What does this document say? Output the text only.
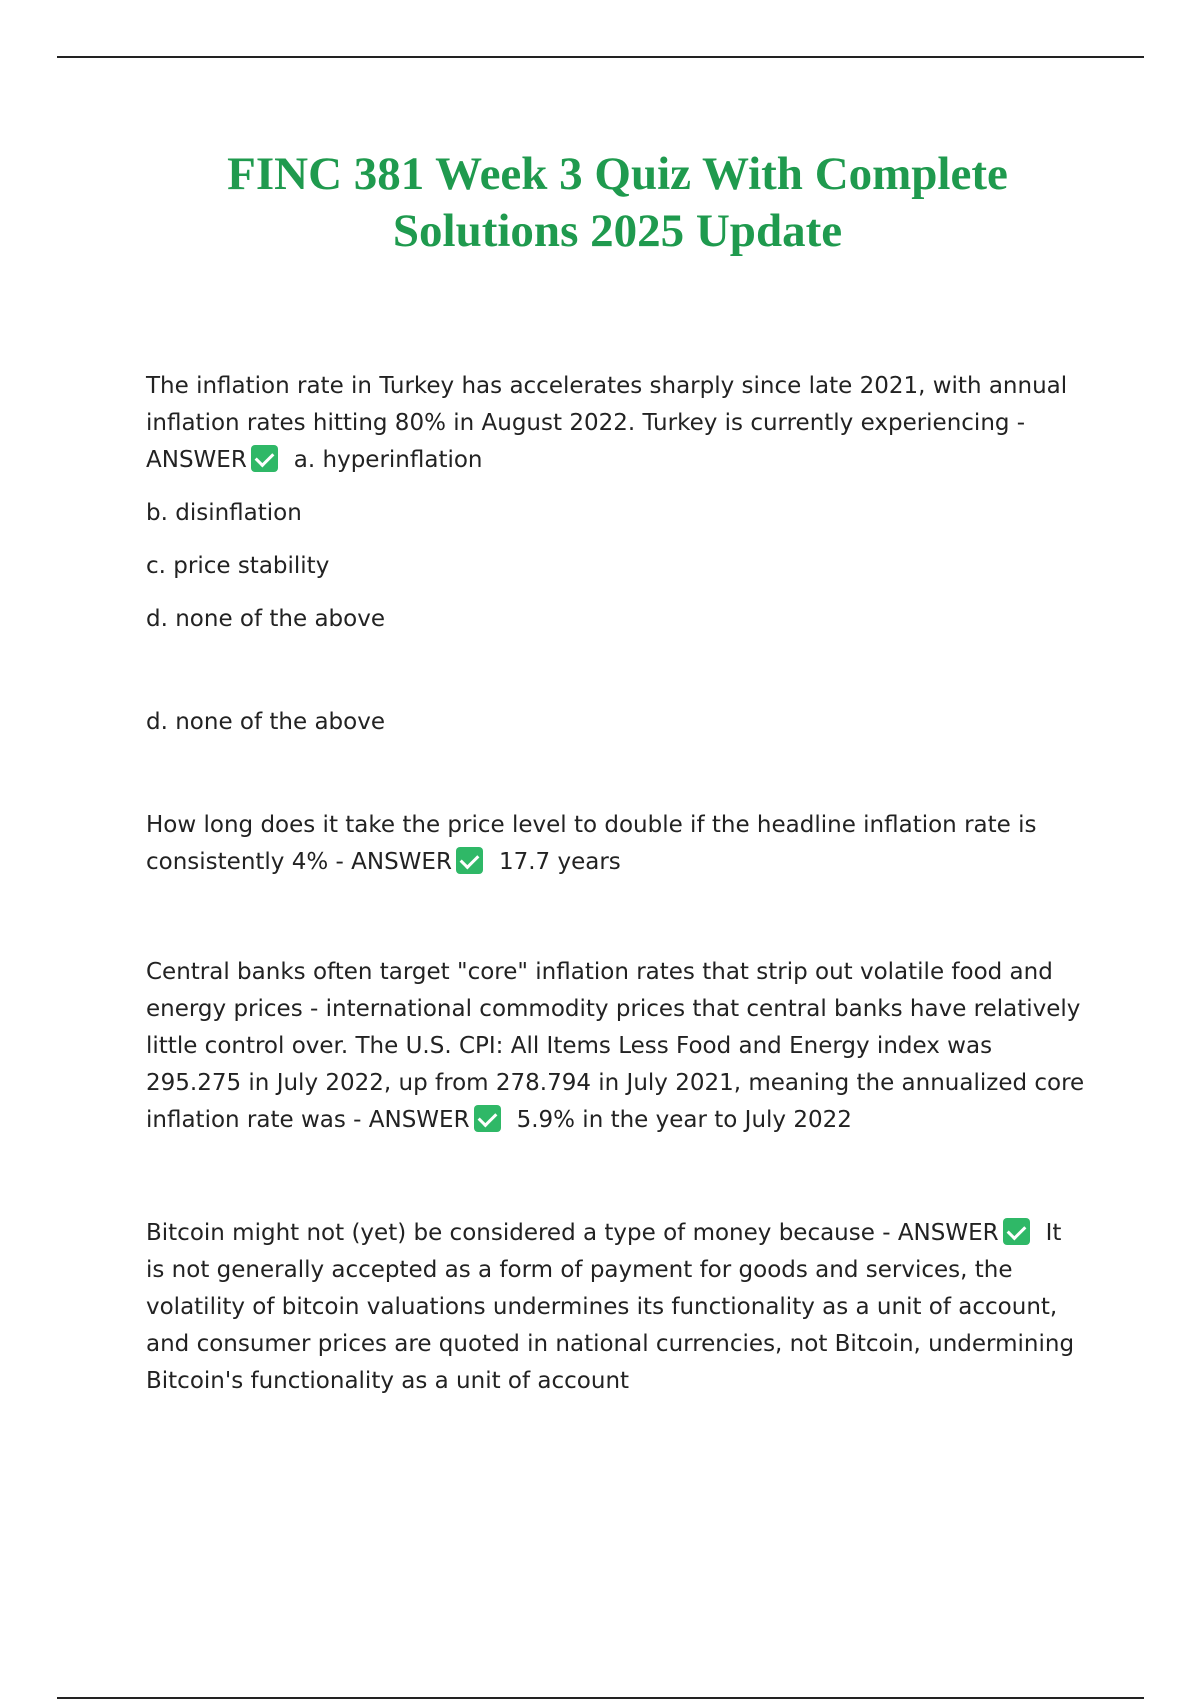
FINC 381 Week 3 Quiz With Complete
Solutions 2025 Update

The inflation rate in Turkey has accelerates sharply since late 2021, with annual inflation rates hitting 80% in August 2022. Turkey is currently experiencing - ANSWER a. hyperinflation

b. disinflation

c. price stability

d. none of the above

d. none of the above

How long does it take the price level to double if the headline inflation rate is consistently 4% - ANSWER 17.7 years

Central banks often target "core" inflation rates that strip out volatile food and energy prices - international commodity prices that central banks have relatively little control over. The U.S. CPI: All Items Less Food and Energy index was 295.275 in July 2022, up from 278.794 in July 2021, meaning the annualized core inflation rate was - ANSWER 5.9% in the year to July 2022

Bitcoin might not (yet) be considered a type of money because - ANSWER It is not generally accepted as a form of payment for goods and services, the volatility of bitcoin valuations undermines its functionality as a unit of account, and consumer prices are quoted in national currencies, not Bitcoin, undermining Bitcoin's functionality as a unit of account
